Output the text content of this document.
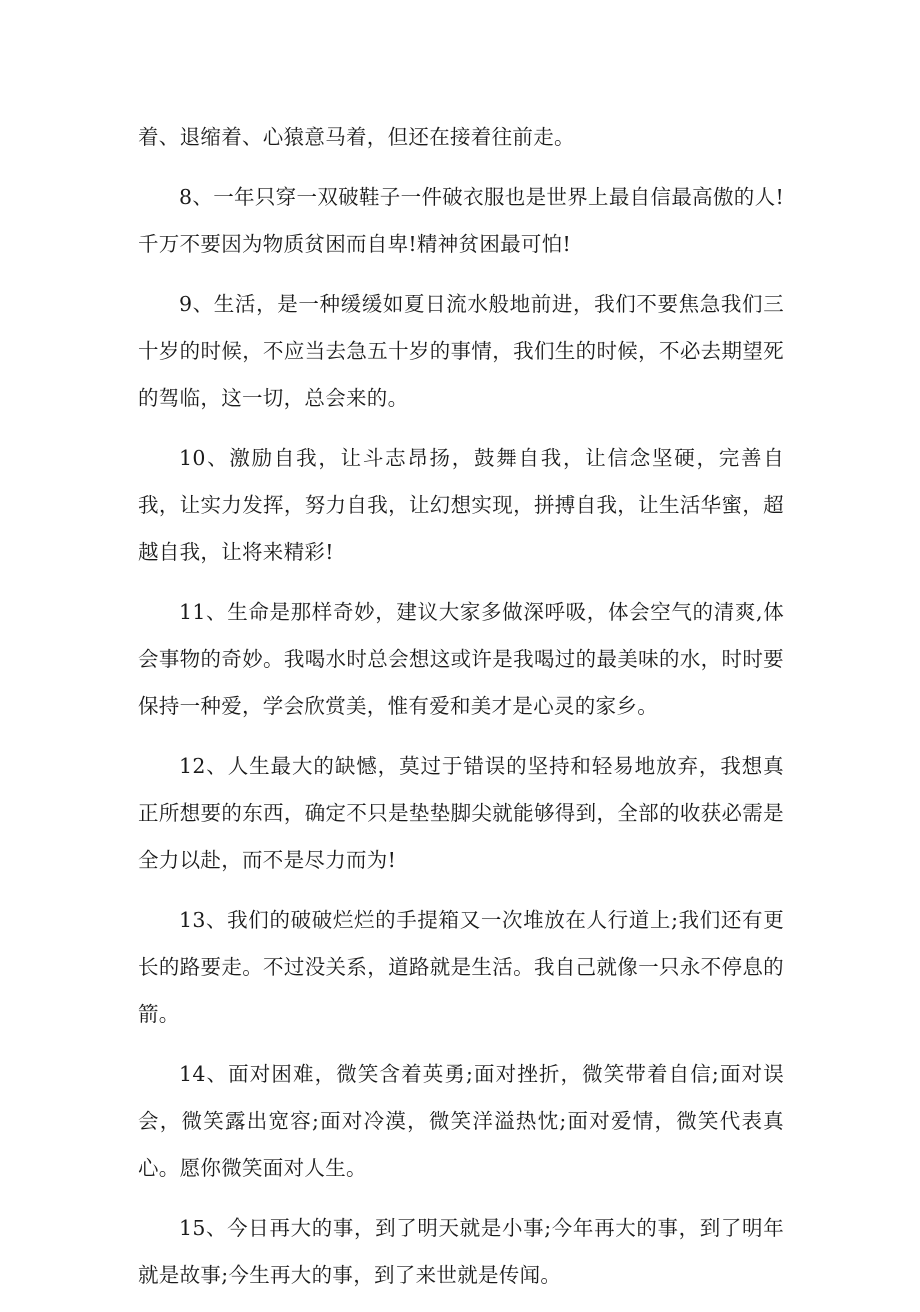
着、退缩着、心猿意马着，但还在接着往前走。

8、一年只穿一双破鞋子一件破衣服也是世界上最自信最高傲的人!千万不要因为物质贫困而自卑!精神贫困最可怕!

9、生活，是一种缓缓如夏日流水般地前进，我们不要焦急我们三十岁的时候，不应当去急五十岁的事情，我们生的时候，不必去期望死的驾临，这一切，总会来的。

10、激励自我，让斗志昂扬，鼓舞自我，让信念坚硬，完善自我，让实力发挥，努力自我，让幻想实现，拼搏自我，让生活华蜜，超越自我，让将来精彩!

11、生命是那样奇妙，建议大家多做深呼吸，体会空气的清爽,体会事物的奇妙。我喝水时总会想这或许是我喝过的最美味的水，时时要保持一种爱，学会欣赏美，惟有爱和美才是心灵的家乡。

12、人生最大的缺憾，莫过于错误的坚持和轻易地放弃，我想真正所想要的东西，确定不只是垫垫脚尖就能够得到，全部的收获必需是全力以赴，而不是尽力而为!

13、我们的破破烂烂的手提箱又一次堆放在人行道上;我们还有更长的路要走。不过没关系，道路就是生活。我自己就像一只永不停息的箭。

14、面对困难，微笑含着英勇;面对挫折，微笑带着自信;面对误会，微笑露出宽容;面对冷漠，微笑洋溢热忱;面对爱情，微笑代表真心。愿你微笑面对人生。

15、今日再大的事，到了明天就是小事;今年再大的事，到了明年就是故事;今生再大的事，到了来世就是传闻。
